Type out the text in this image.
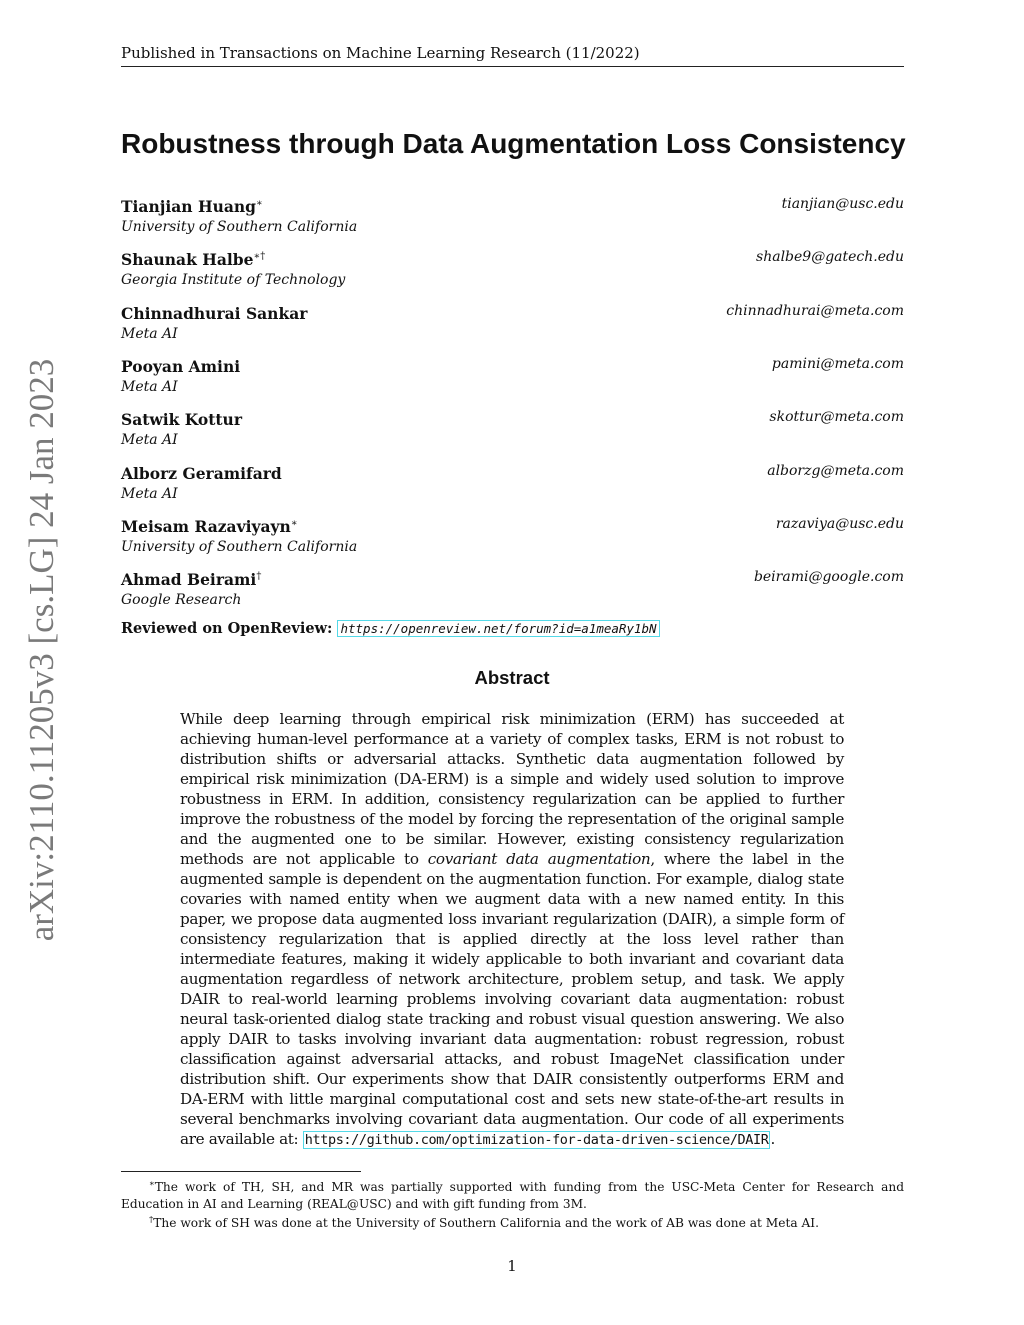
Published in Transactions on Machine Learning Research (11/2022)
arXiv:2110.11205v3 [cs.LG] 24 Jan 2023
Robustness through Data Augmentation Loss Consistency
Tianjian Huang∗
University of Southern California
tianjian@usc.edu
Shaunak Halbe∗†
Georgia Institute of Technology
shalbe9@gatech.edu
Chinnadhurai Sankar
Meta AI
chinnadhurai@meta.com
Pooyan Amini
Meta AI
pamini@meta.com
Satwik Kottur
Meta AI
skottur@meta.com
Alborz Geramifard
Meta AI
alborzg@meta.com
Meisam Razaviyayn∗
University of Southern California
razaviya@usc.edu
Ahmad Beirami†
Google Research
beirami@google.com
Reviewed on OpenReview: https://openreview.net/forum?id=a1meaRy1bN
Abstract
While deep learning through empirical risk minimization (ERM) has succeeded at achieving human-level performance at a variety of complex tasks, ERM is not robust to distribution shifts or adversarial attacks. Synthetic data augmentation followed by empirical risk minimization (DA-ERM) is a simple and widely used solution to improve robustness in ERM. In addition, consistency regularization can be applied to further improve the robustness of the model by forcing the representation of the original sample and the augmented one to be similar. However, existing consistency regularization methods are not applicable to covariant data augmentation, where the label in the augmented sample is dependent on the augmentation function. For example, dialog state covaries with named entity when we augment data with a new named entity. In this paper, we propose data augmented loss invariant regularization (DAIR), a simple form of consistency regularization that is applied directly at the loss level rather than intermediate features, making it widely applicable to both invariant and covariant data augmentation regardless of network architecture, problem setup, and task. We apply DAIR to real-world learning problems involving covariant data augmentation: robust neural task-oriented dialog state tracking and robust visual question answering. We also apply DAIR to tasks involving invariant data augmentation: robust regression, robust classification against adversarial attacks, and robust ImageNet classification under distribution shift. Our experiments show that DAIR consistently outperforms ERM and DA-ERM with little marginal computational cost and sets new state-of-the-art results in several benchmarks involving covariant data augmentation. Our code of all experiments are available at: https://github.com/optimization-for-data-driven-science/DAIR .

∗The work of TH, SH, and MR was partially supported with funding from the USC-Meta Center for Research and Education in AI and Learning (REAL@USC) and with gift funding from 3M.

†The work of SH was done at the University of Southern California and the work of AB was done at Meta AI.

1
